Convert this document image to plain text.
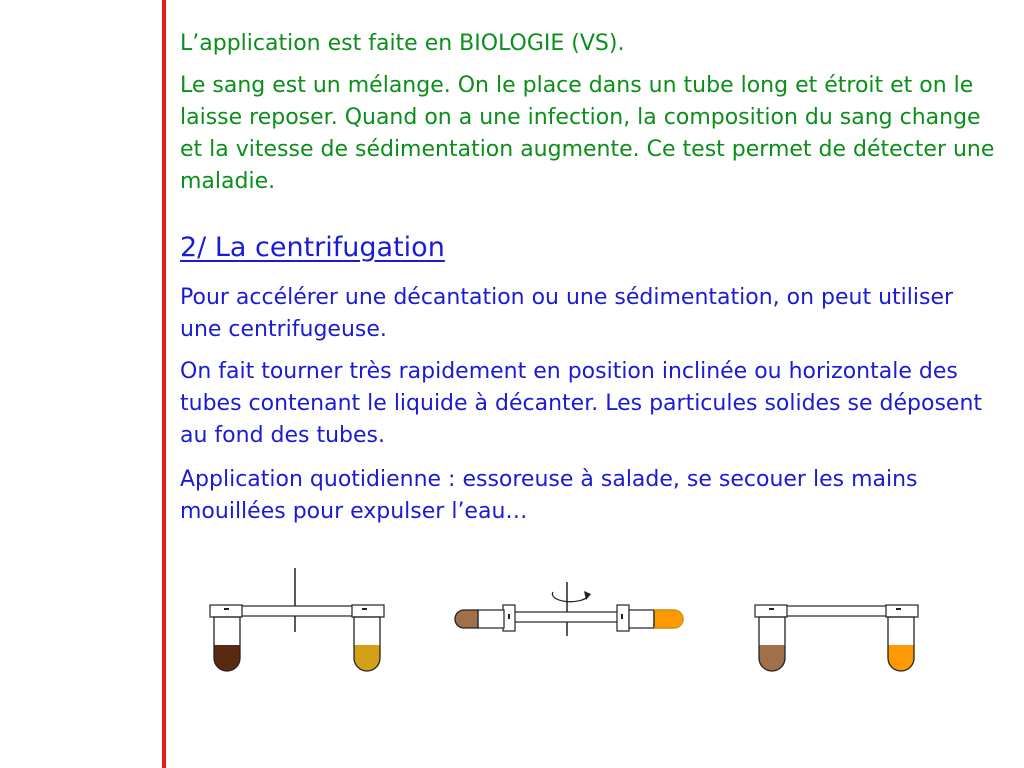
L’application est faite en BIOLOGIE (VS).

Le sang est un mélange. On le place dans un tube long et étroit et on le laisse reposer. Quand on a une infection, la composition du sang change et la vitesse de sédimentation augmente. Ce test permet de détecter une maladie.

2/ La centrifugation

Pour accélérer une décantation ou une sédimentation, on peut utiliser une centrifugeuse.

On fait tourner très rapidement en position inclinée ou horizontale des tubes contenant le liquide à décanter. Les particules solides se déposent au fond des tubes.

Application quotidienne : essoreuse à salade, se secouer les mains mouillées pour expulser l’eau…
